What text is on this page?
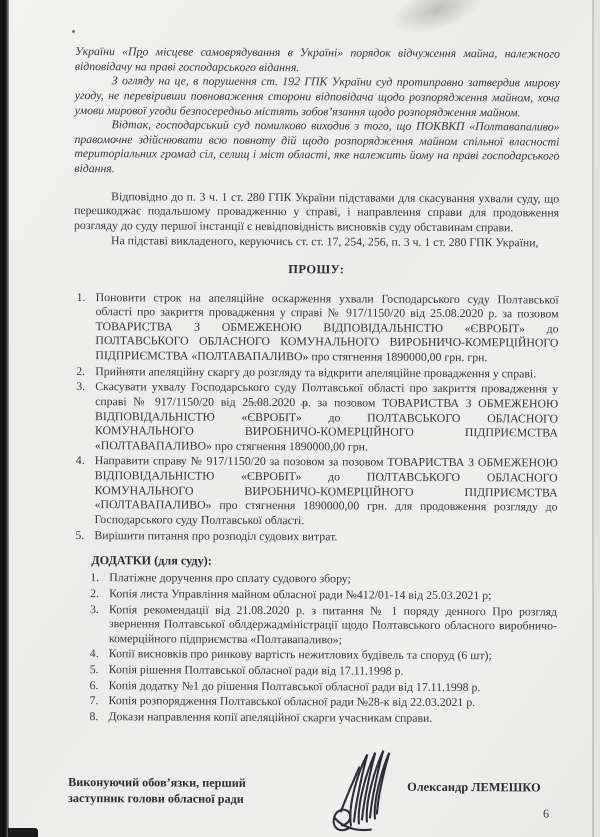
України «Про місцеве самоврядування в Україні» порядок відчуження майна, належного відповідачу на праві господарського відання.

З огляду на це, в порушення ст. 192 ГПК України суд протиправно затвердив мирову угоду, не перевіривши повноваження сторони відповідача щодо розпорядження майном, хоча умови мирової угоди безпосередньо містять зобов’язання щодо розпорядження майном.

Відтак, господарський суд помилково виходив з того, що ПОКВКП «Полтавапаливо» правомочне здійснювати всю повноту дій щодо розпорядження майном спільної власності територіальних громад сіл, селищ і міст області, яке належить йому на праві господарського відання.

Відповідно до п. 3 ч. 1 ст. 280 ГПК України підставами для скасування ухвали суду, що перешкоджає подальшому провадженню у справі, і направлення справи для продовження розгляду до суду першої інстанції є невідповідність висновків суду обставинам справи.

На підставі викладеного, керуючись ст. ст. 17, 254, 256, п. 3 ч. 1 ст. 280 ГПК України,

ПРОШУ:
1. Поновити строк на апеляційне оскарження ухвали Господарського суду Полтавської області про закриття провадження у справі № 917/1150/20 від 25.08.2020 р. за позовом ТОВАРИСТВА З ОБМЕЖЕНОЮ ВІДПОВІДАЛЬНІСТЮ «ЄВРОБІТ» до ПОЛТАВСЬКОГО ОБЛАСНОГО КОМУНАЛЬНОГО ВИРОБНИЧО-КОМЕРЦІЙНОГО ПІДПРИЄМСТВА «ПОЛТАВАПАЛИВО» про стягнення 1890000,00 грн. грн.
2. Прийняти апеляційну скаргу до розгляду та відкрити апеляційне провадження у справі.
3. Скасувати ухвалу Господарського суду Полтавської області про закриття провадження у справі № 917/1150/20 від 25.08.2020 р. за позовом ТОВАРИСТВА З ОБМЕЖЕНОЮ ВІДПОВІДАЛЬНІСТЮ «ЄВРОБІТ» до ПОЛТАВСЬКОГО ОБЛАСНОГО КОМУНАЛЬНОГО ВИРОБНИЧО-КОМЕРЦІЙНОГО ПІДПРИЄМСТВА «ПОЛТАВАПАЛИВО» про стягнення 1890000,00 грн.
4. Направити справу № 917/1150/20 за позовом за позовом ТОВАРИСТВА З ОБМЕЖЕНОЮ ВІДПОВІДАЛЬНІСТЮ «ЄВРОБІТ» до ПОЛТАВСЬКОГО ОБЛАСНОГО КОМУНАЛЬНОГО ВИРОБНИЧО-КОМЕРЦІЙНОГО ПІДПРИЄМСТВА «ПОЛТАВАПАЛИВО» про стягнення 1890000,00 грн. для продовження розгляду до Господарського суду Полтавської області.
5. Вирішити питання про розподіл судових витрат.
ДОДАТКИ (для суду):
1. Платіжне доручення про сплату судового збору;
2. Копія листа Управління майном обласної ради №412/01-14 від 25.03.2021 р;
3. Копія рекомендації від 21.08.2020 р. з питання № 1 поряду денного Про розгляд звернення Полтавської облдержадміністрації щодо Полтавського обласного виробничо-комерційного підприємства «Полтавапаливо»;
4. Копії висновків про ринкову вартість нежитлових будівель та споруд (6 шт);
5. Копія рішення Полтавської обласної ради від 17.11.1998 р.
6. Копія додатку №1 до рішення Полтавської обласної ради від 17.11.1998 р.
7. Копія розпорядження Полтавської обласної ради №28-к від 22.03.2021 р.
8. Докази направлення копії апеляційної скарги учасникам справи.
Виконуючий обов’язки, перший
заступник голови обласної ради
Олександр ЛЕМЕШКО
6
